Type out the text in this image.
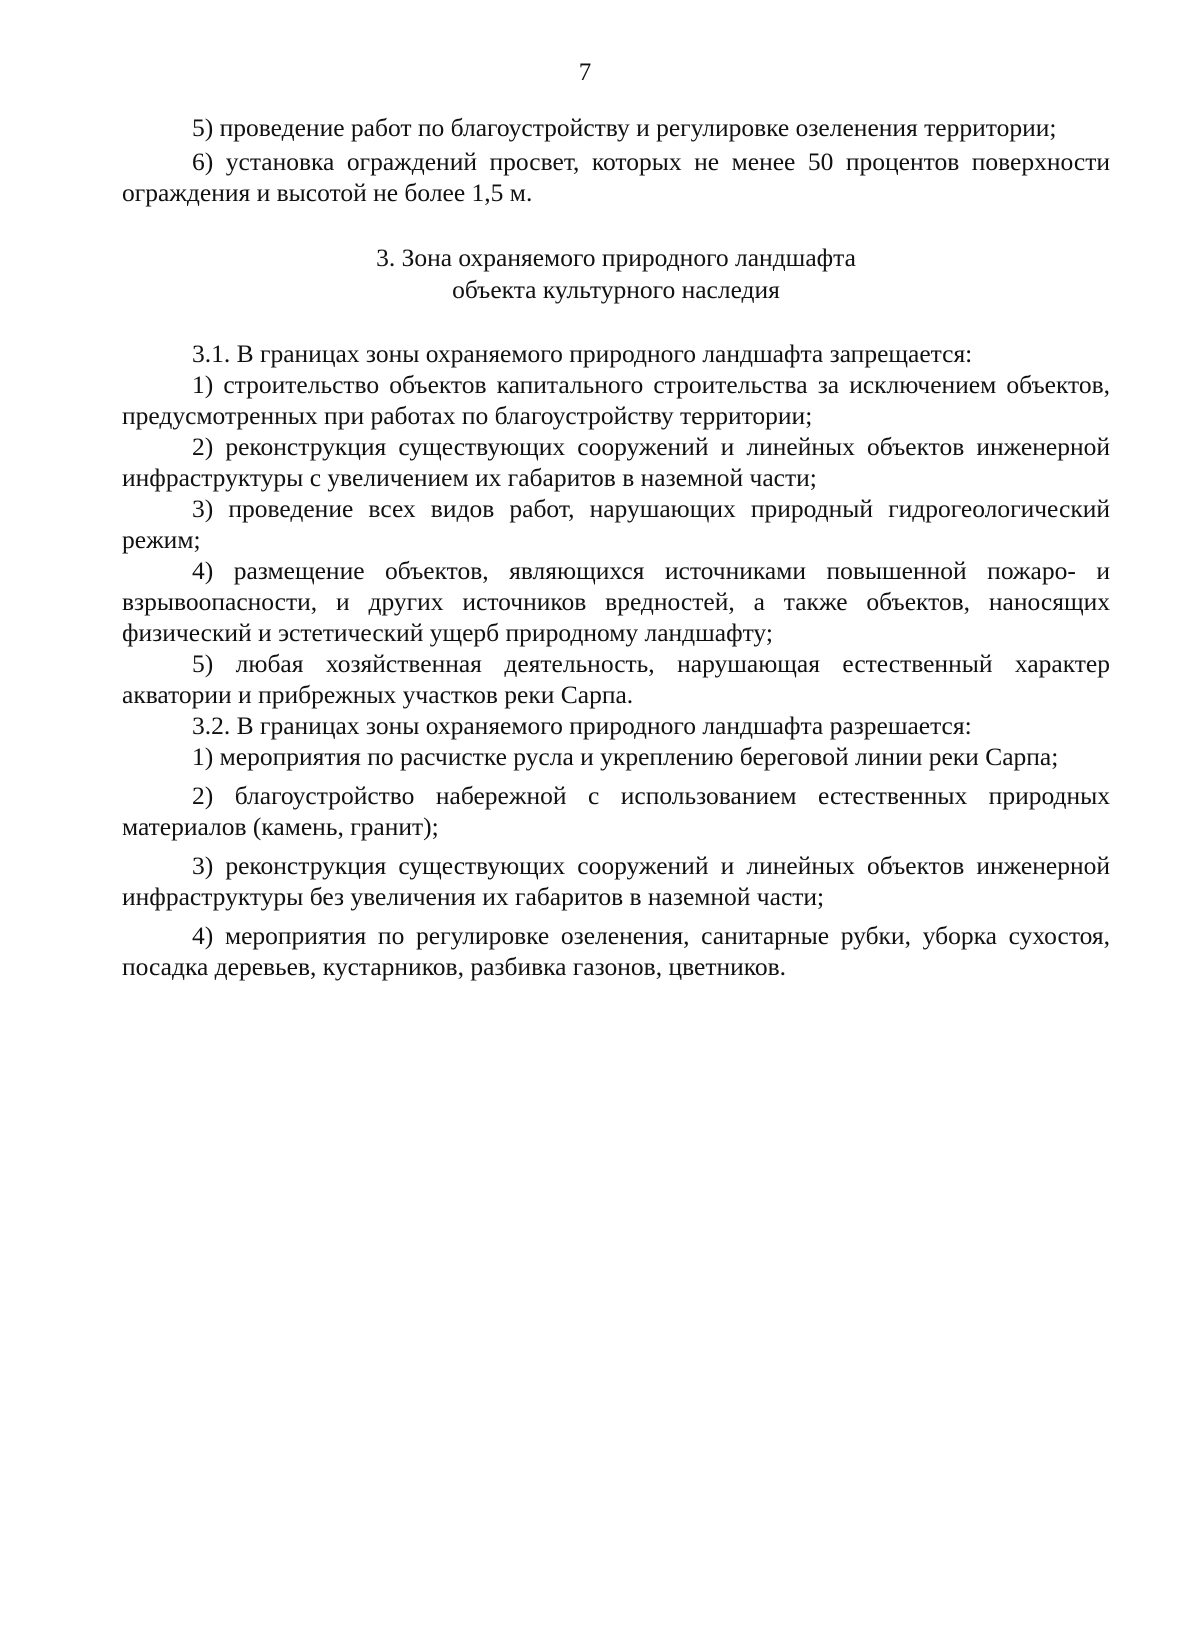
7

5) проведение работ по благоустройству и регулировке озеленения территории;

6) установка ограждений просвет, которых не менее 50 процентов поверхности ограждения и высотой не более 1,5 м.

3. Зона охраняемого природного ландшафта
объекта культурного наследия

3.1. В границах зоны охраняемого природного ландшафта запрещается:

1) строительство объектов капитального строительства за исключением объектов, предусмотренных при работах по благоустройству территории;

2) реконструкция существующих сооружений и линейных объектов инженерной инфраструктуры с увеличением их габаритов в наземной части;

3) проведение всех видов работ, нарушающих природный гидрогеологический режим;

4) размещение объектов, являющихся источниками повышенной пожаро- и взрывоопасности, и других источников вредностей, а также объектов, наносящих физический и эстетический ущерб природному ландшафту;

5) любая хозяйственная деятельность, нарушающая естественный характер акватории и прибрежных участков реки Сарпа.

3.2. В границах зоны охраняемого природного ландшафта разрешается:

1) мероприятия по расчистке русла и укреплению береговой линии реки Сарпа;

2) благоустройство набережной с использованием естественных природных материалов (камень, гранит);

3) реконструкция существующих сооружений и линейных объектов инженерной инфраструктуры без увеличения их габаритов в наземной части;

4) мероприятия по регулировке озеленения, санитарные рубки, уборка сухостоя, посадка деревьев, кустарников, разбивка газонов, цветников.
